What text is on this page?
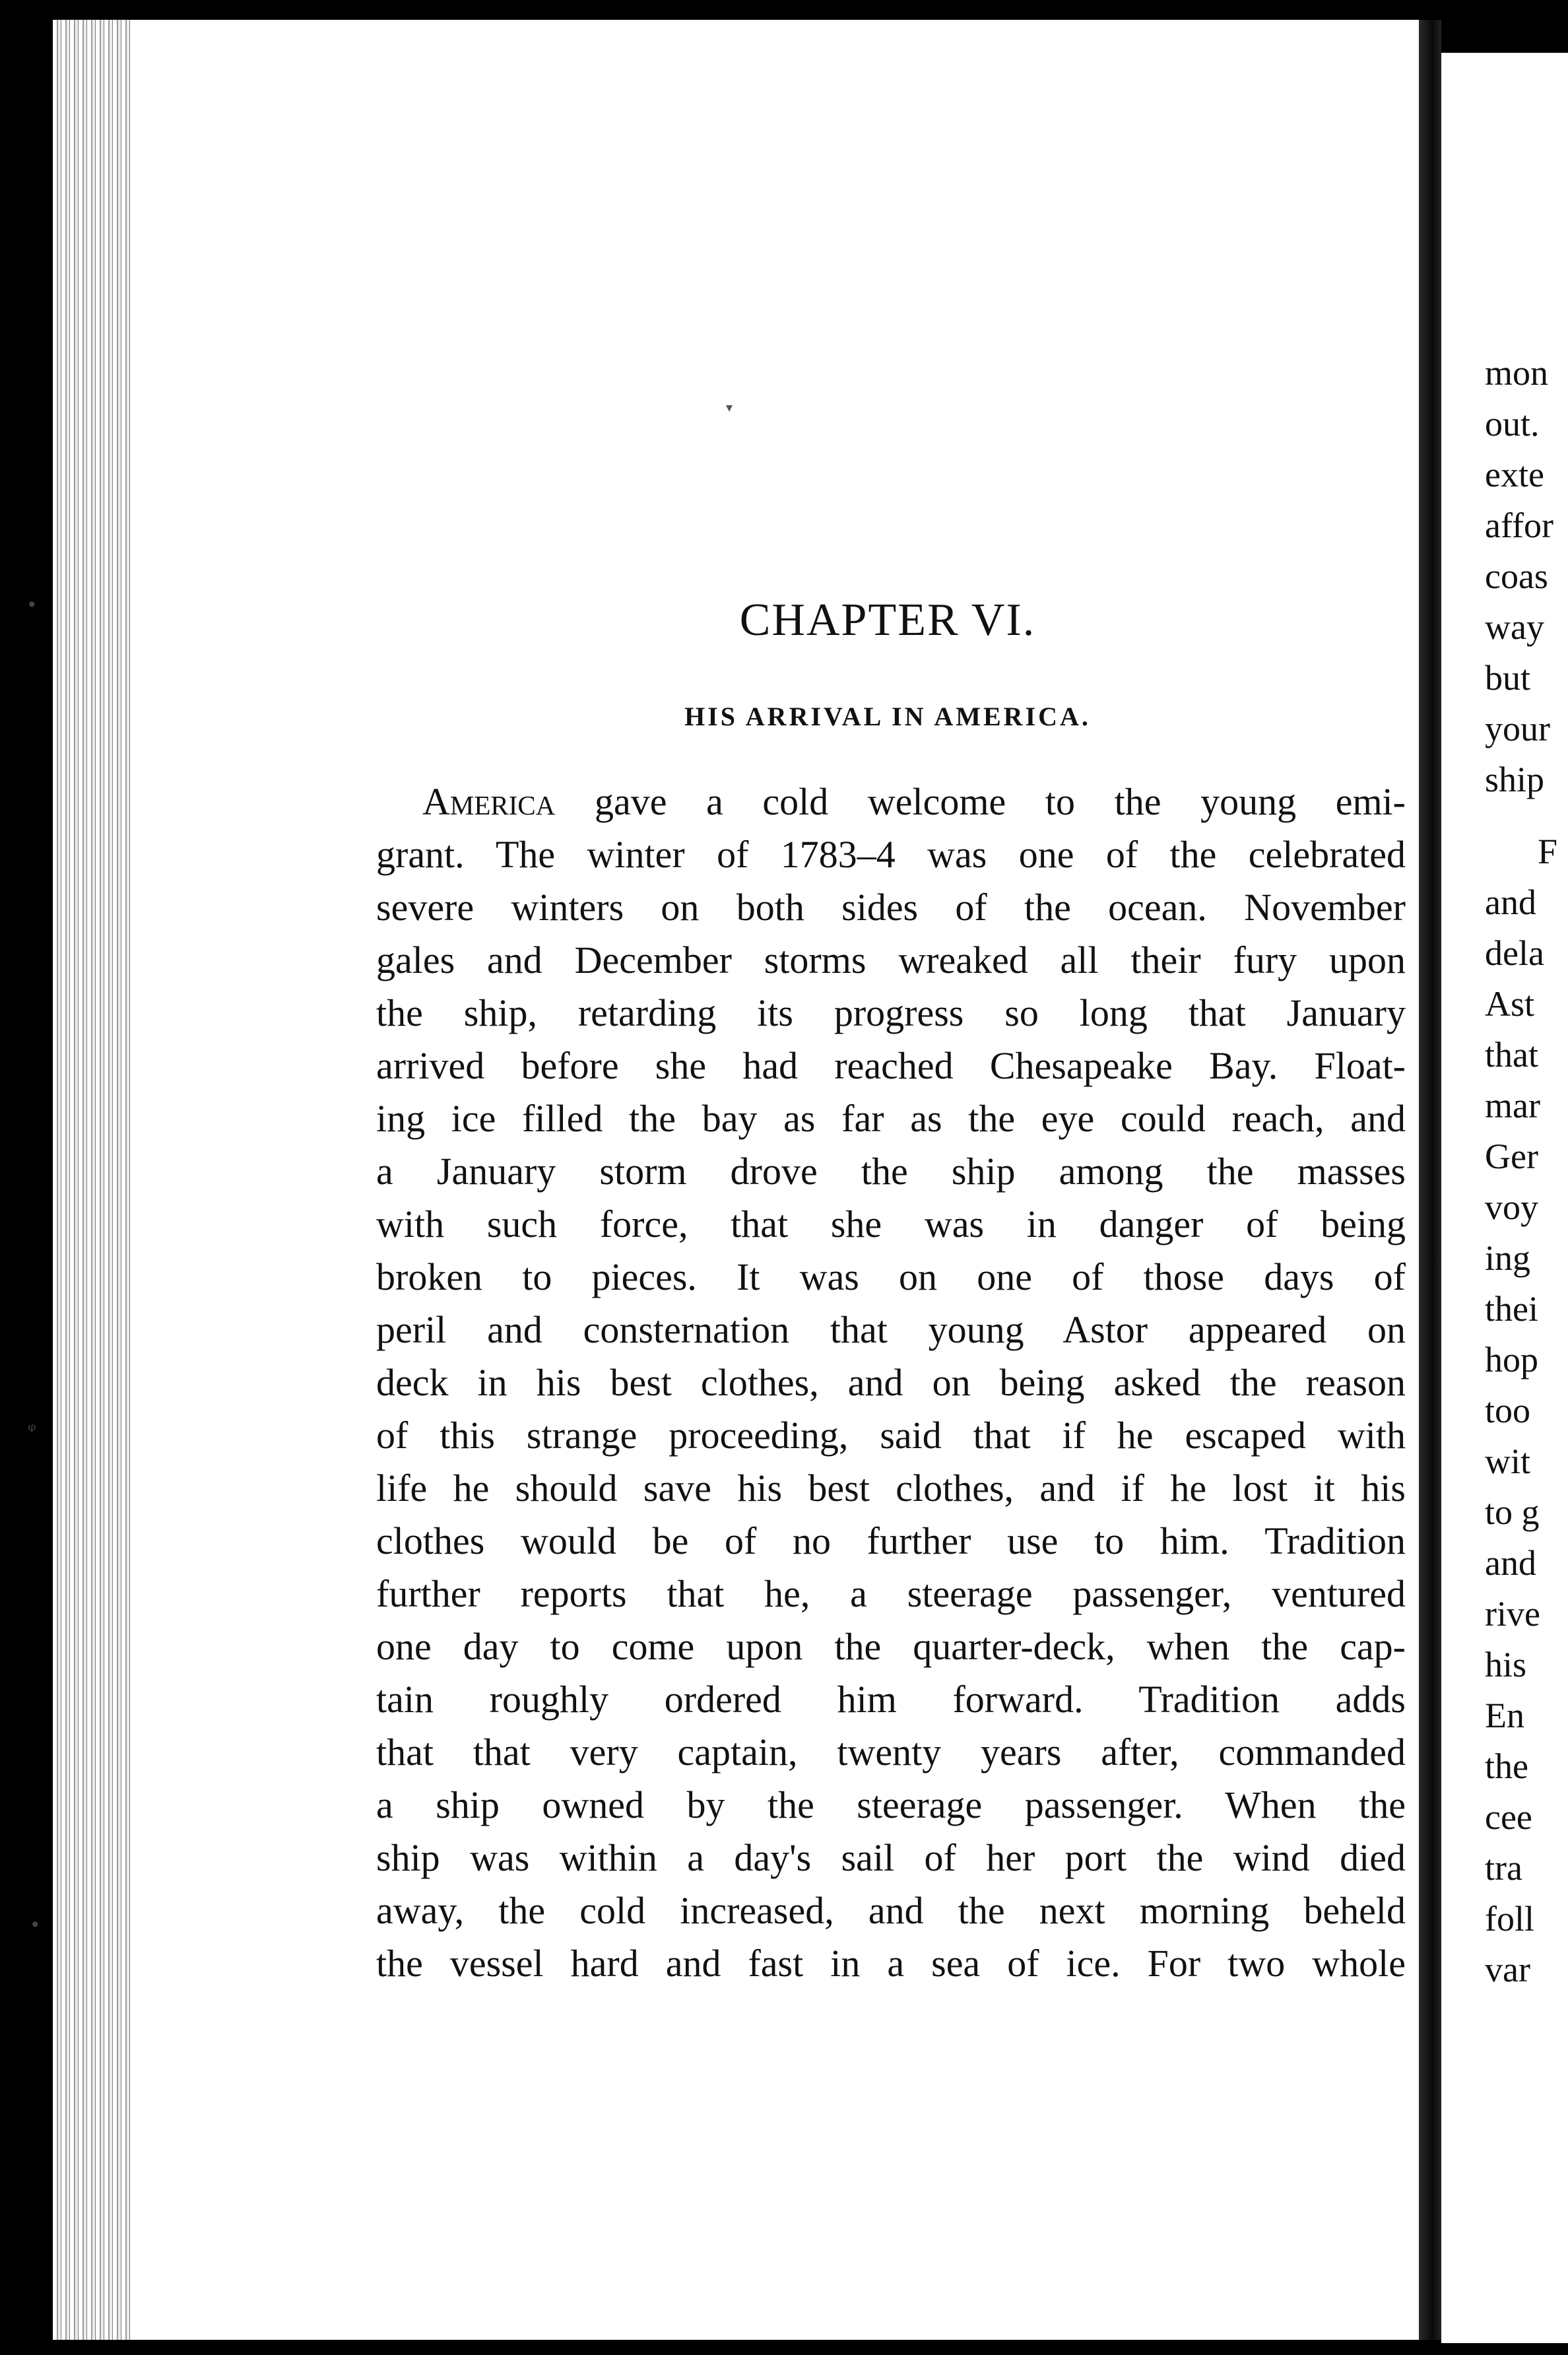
▾
•
ᵠ
•
CHAPTER VI.
HIS ARRIVAL IN AMERICA.

America gave a cold welcome to the young emi-

grant. The winter of 1783–4 was one of the celebrated

severe winters on both sides of the ocean. November

gales and December storms wreaked all their fury upon

the ship, retarding its progress so long that January

arrived before she had reached Chesapeake Bay. Float-

ing ice filled the bay as far as the eye could reach, and

a January storm drove the ship among the masses

with such force, that she was in danger of being

broken to pieces. It was on one of those days of

peril and consternation that young Astor appeared on

deck in his best clothes, and on being asked the reason

of this strange proceeding, said that if he escaped with

life he should save his best clothes, and if he lost it his

clothes would be of no further use to him. Tradition

further reports that he, a steerage passenger, ventured

one day to come upon the quarter-deck, when the cap-

tain roughly ordered him forward. Tradition adds

that that very captain, twenty years after, commanded

a ship owned by the steerage passenger. When the

ship was within a day's sail of her port the wind died

away, the cold increased, and the next morning beheld

the vessel hard and fast in a sea of ice. For two whole

mon
out.
exte
affor
coas
way
but
your
ship
F
and
dela
Ast
that
mar
Ger
voy
ing
thei
hop
too
wit
to g
and
rive
his
En
the
cee
tra
foll
var
